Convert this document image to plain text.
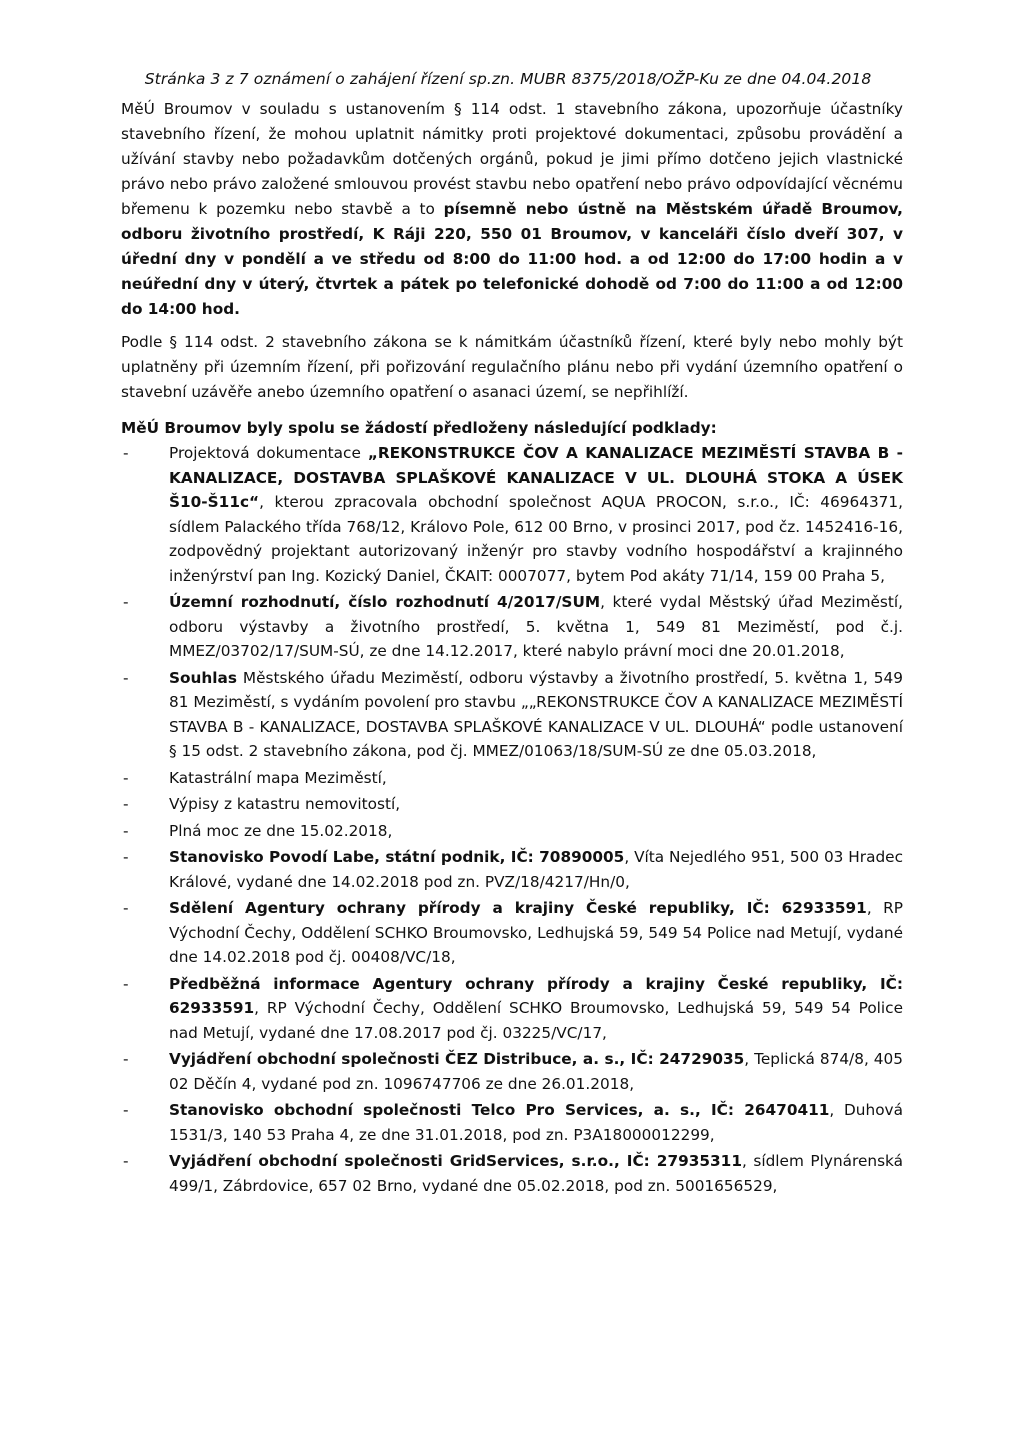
Stránka 3 z 7 oznámení o zahájení řízení sp.zn. MUBR 8375/2018/OŽP-Ku ze dne 04.04.2018

MěÚ Broumov v souladu s ustanovením § 114 odst. 1 stavebního zákona, upozorňuje účastníky stavebního řízení, že mohou uplatnit námitky proti projektové dokumentaci, způsobu provádění a užívání stavby nebo požadavkům dotčených orgánů, pokud je jimi přímo dotčeno jejich vlastnické právo nebo právo založené smlouvou provést stavbu nebo opatření nebo právo odpovídající věcnému břemenu k pozemku nebo stavbě a to písemně nebo ústně na Městském úřadě Broumov, odboru životního prostředí, K Ráji 220, 550 01 Broumov, v kanceláři číslo dveří 307, v úřední dny v pondělí a ve středu od 8:00 do 11:00 hod. a od 12:00 do 17:00 hodin a v neúřední dny v úterý, čtvrtek a pátek po telefonické dohodě od 7:00 do 11:00 a od 12:00 do 14:00 hod.

Podle § 114 odst. 2 stavebního zákona se k námitkám účastníků řízení, které byly nebo mohly být uplatněny při územním řízení, při pořizování regulačního plánu nebo při vydání územního opatření o stavební uzávěře anebo územního opatření o asanaci území, se nepřihlíží.

MěÚ Broumov byly spolu se žádostí předloženy následující podklady:
-	Projektová dokumentace „REKONSTRUKCE ČOV A KANALIZACE MEZIMĚSTÍ STAVBA B - KANALIZACE, DOSTAVBA SPLAŠKOVÉ KANALIZACE V UL. DLOUHÁ STOKA A ÚSEK Š10-Š11c“, kterou zpracovala obchodní společnost AQUA PROCON, s.r.o., IČ: 46964371, sídlem Palackého třída 768/12, Královo Pole, 612 00 Brno, v prosinci 2017, pod čz. 1452416-16, zodpovědný projektant autorizovaný inženýr pro stavby vodního hospodářství a krajinného inženýrství pan Ing. Kozický Daniel, ČKAIT: 0007077, bytem Pod akáty 71/14, 159 00 Praha 5,
-	Územní rozhodnutí, číslo rozhodnutí 4/2017/SUM, které vydal Městský úřad Meziměstí, odboru výstavby a životního prostředí, 5. května 1, 549 81 Meziměstí, pod č.j. MMEZ/03702/17/SUM-SÚ, ze dne 14.12.2017, které nabylo právní moci dne 20.01.2018,
-	Souhlas Městského úřadu Meziměstí, odboru výstavby a životního prostředí, 5. května 1, 549 81 Meziměstí, s vydáním povolení pro stavbu „„REKONSTRUKCE ČOV A KANALIZACE MEZIMĚSTÍ STAVBA B - KANALIZACE, DOSTAVBA SPLAŠKOVÉ KANALIZACE V UL. DLOUHÁ“ podle ustanovení § 15 odst. 2 stavebního zákona, pod čj. MMEZ/01063/18/SUM-SÚ ze dne 05.03.2018,
-	Katastrální mapa Meziměstí,
-	Výpisy z katastru nemovitostí,
-	Plná moc ze dne 15.02.2018,
-	Stanovisko Povodí Labe, státní podnik, IČ: 70890005, Víta Nejedlého 951, 500 03 Hradec Králové, vydané dne 14.02.2018 pod zn. PVZ/18/4217/Hn/0,
-	Sdělení Agentury ochrany přírody a krajiny České republiky, IČ: 62933591, RP Východní Čechy, Oddělení SCHKO Broumovsko, Ledhujská 59, 549 54 Police nad Metují, vydané dne 14.02.2018 pod čj. 00408/VC/18,
-	Předběžná informace Agentury ochrany přírody a krajiny České republiky, IČ: 62933591, RP Východní Čechy, Oddělení SCHKO Broumovsko, Ledhujská 59, 549 54 Police nad Metují, vydané dne 17.08.2017 pod čj. 03225/VC/17,
-	Vyjádření obchodní společnosti ČEZ Distribuce, a. s., IČ: 24729035, Teplická 874/8, 405 02 Děčín 4, vydané pod zn. 1096747706 ze dne 26.01.2018,
-	Stanovisko obchodní společnosti Telco Pro Services, a. s., IČ: 26470411, Duhová 1531/3, 140 53 Praha 4, ze dne 31.01.2018, pod zn. P3A18000012299,
-	Vyjádření obchodní společnosti GridServices, s.r.o., IČ: 27935311, sídlem Plynárenská 499/1, Zábrdovice, 657 02 Brno, vydané dne 05.02.2018, pod zn. 5001656529,
